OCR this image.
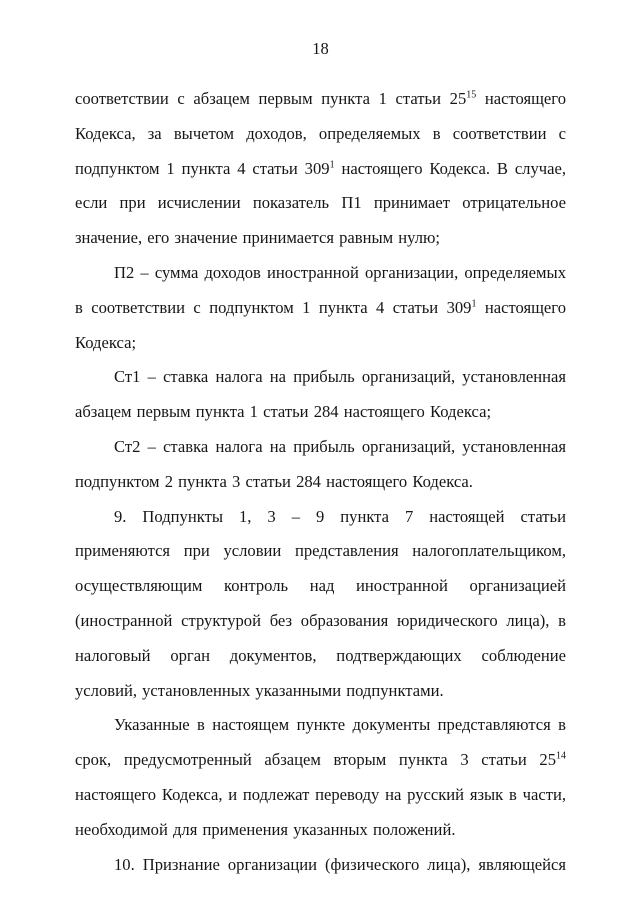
18

соответствии с абзацем первым пункта 1 статьи $25^{15}$ настоящего Кодекса, за вычетом доходов, определяемых в соответствии с подпунктом 1 пункта 4 статьи $309^1$ настоящего Кодекса. В случае, если при исчислении показатель П1 принимает отрицательное значение, его значение принимается равным нулю;

П2 – сумма доходов иностранной организации, определяемых в соответствии с подпунктом 1 пункта 4 статьи $309^1$ настоящего Кодекса;

Ст1 – ставка налога на прибыль организаций, установленная абзацем первым пункта 1 статьи 284 настоящего Кодекса;

Ст2 – ставка налога на прибыль организаций, установленная подпунктом 2 пункта 3 статьи 284 настоящего Кодекса.

9. Подпункты 1, 3 – 9 пункта 7 настоящей статьи применяются при условии представления налогоплательщиком, осуществляющим контроль над иностранной организацией (иностранной структурой без образования юридического лица), в налоговый орган документов, подтверждающих соблюдение условий, установленных указанными подпунктами.

Указанные в настоящем пункте документы представляются в срок, предусмотренный абзацем вторым пункта 3 статьи $25^{14}$ настоящего Кодекса, и подлежат переводу на русский язык в части, необходимой для применения указанных положений.

10. Признание организации (физического лица), являющейся
